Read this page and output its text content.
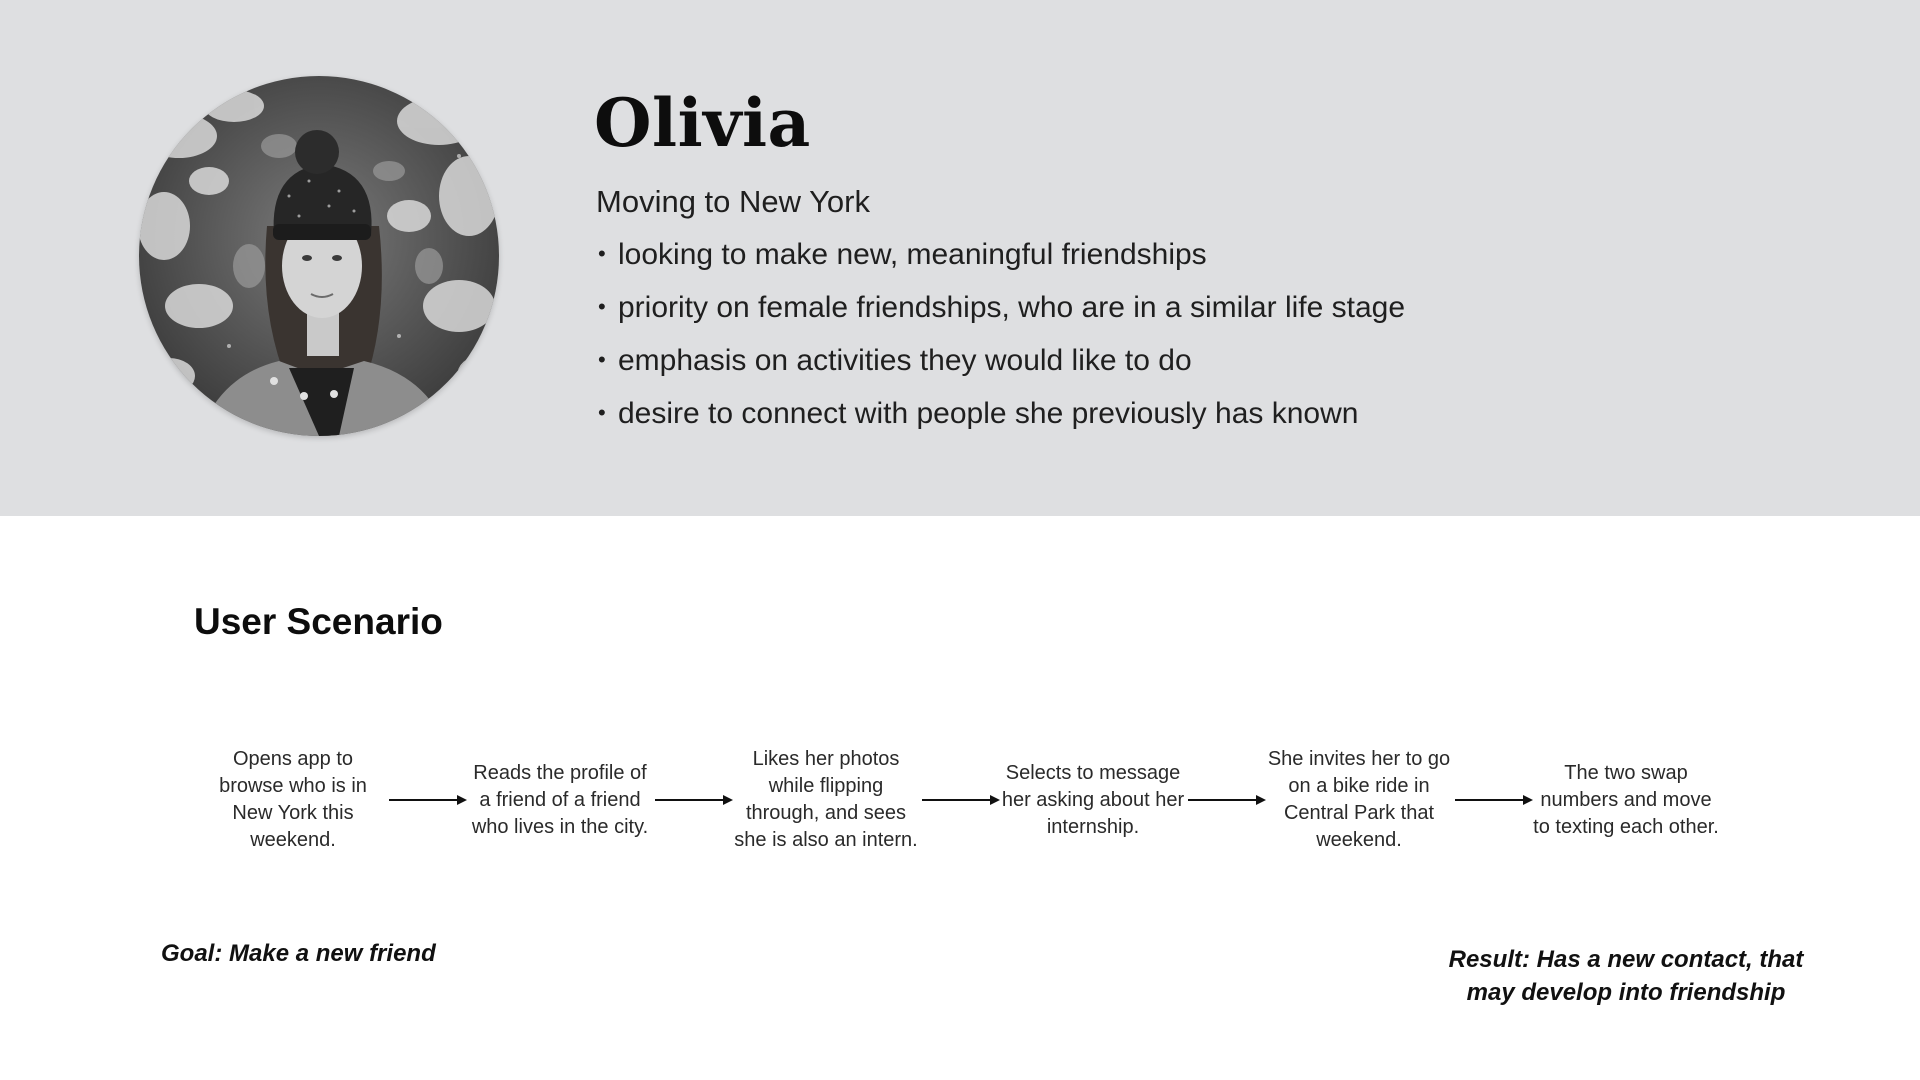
Olivia

Moving to New York

• looking to make new, meaningful friendships
• priority on female friendships, who are in a similar life stage
• emphasis on activities they would like to do
• desire to connect with people she previously has known
User Scenario
Opens app to browse who is in New York this weekend.
Reads the profile of a friend of a friend who lives in the city.
Likes her photos while flipping through, and sees she is also an intern.
Selects to message her asking about her internship.
She invites her to go on a bike ride in Central Park that weekend.
The two swap numbers and move to texting each other.

Goal: Make a new friend	Result: Has a new contact, that may develop into friendship
